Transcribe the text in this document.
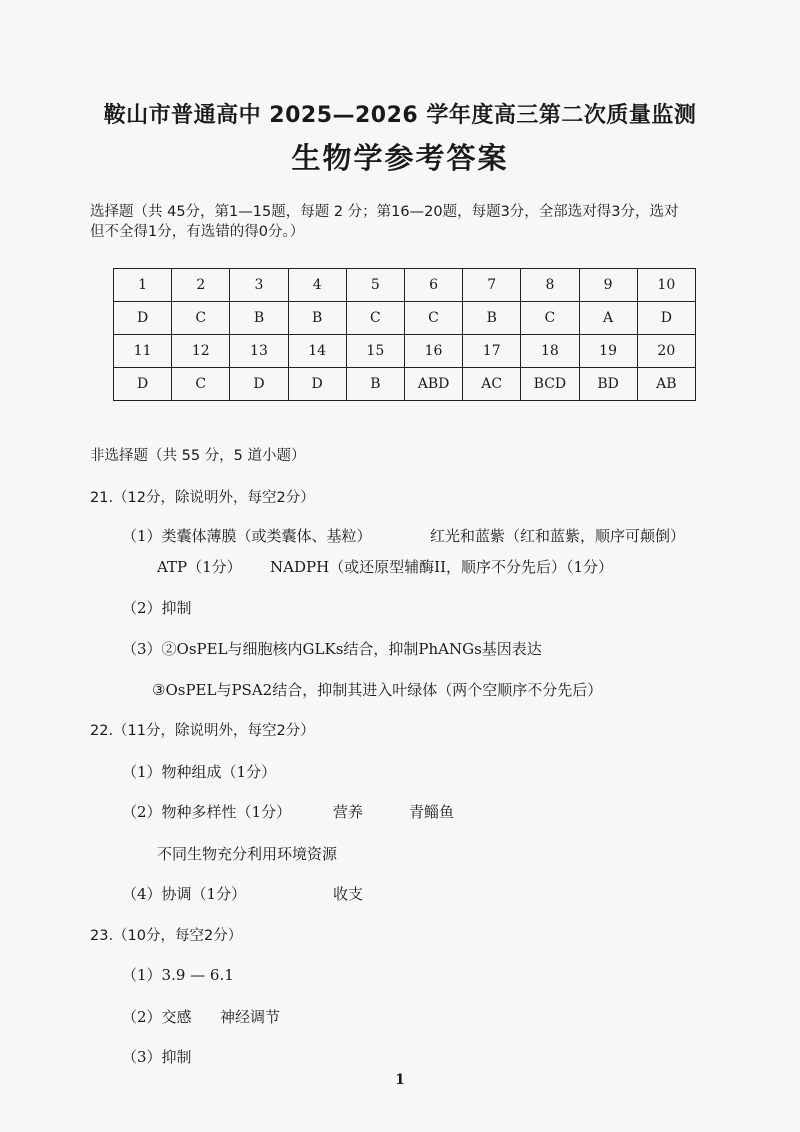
鞍山市普通高中 2025—2026 学年度高三第二次质量监测
生物学参考答案
选择题（共 45分，第1—15题，每题 2 分；第16—20题，每题3分，全部选对得3分，选对
但不全得1分，有选错的得0分。）
1	2	3	4	5	6	7	8	9	10
D	C	B	B	C	C	B	C	A	D
11	12	13	14	15	16	17	18	19	20
D	C	D	D	B	ABD	AC	BCD	BD	AB
非选择题（共 55 分，5 道小题）
21.（12分，除说明外，每空2分）
（1）类囊体薄膜（或类囊体、基粒）	红光和蓝紫（红和蓝紫，顺序可颠倒）
ATP（1分） NADPH（或还原型辅酶II，顺序不分先后）（1分）
（2）抑制
（3）②OsPEL与细胞核内GLKs结合，抑制PhANGs基因表达
③OsPEL与PSA2结合，抑制其进入叶绿体（两个空顺序不分先后）
22.（11分，除说明外，每空2分）
（1）物种组成（1分）
（2）物种多样性（1分）	营养	青鲻鱼
不同生物充分利用环境资源
（4）协调（1分）	收支
23.（10分，每空2分）
（1）3.9 — 6.1
（2）交感 神经调节
（3）抑制
1
